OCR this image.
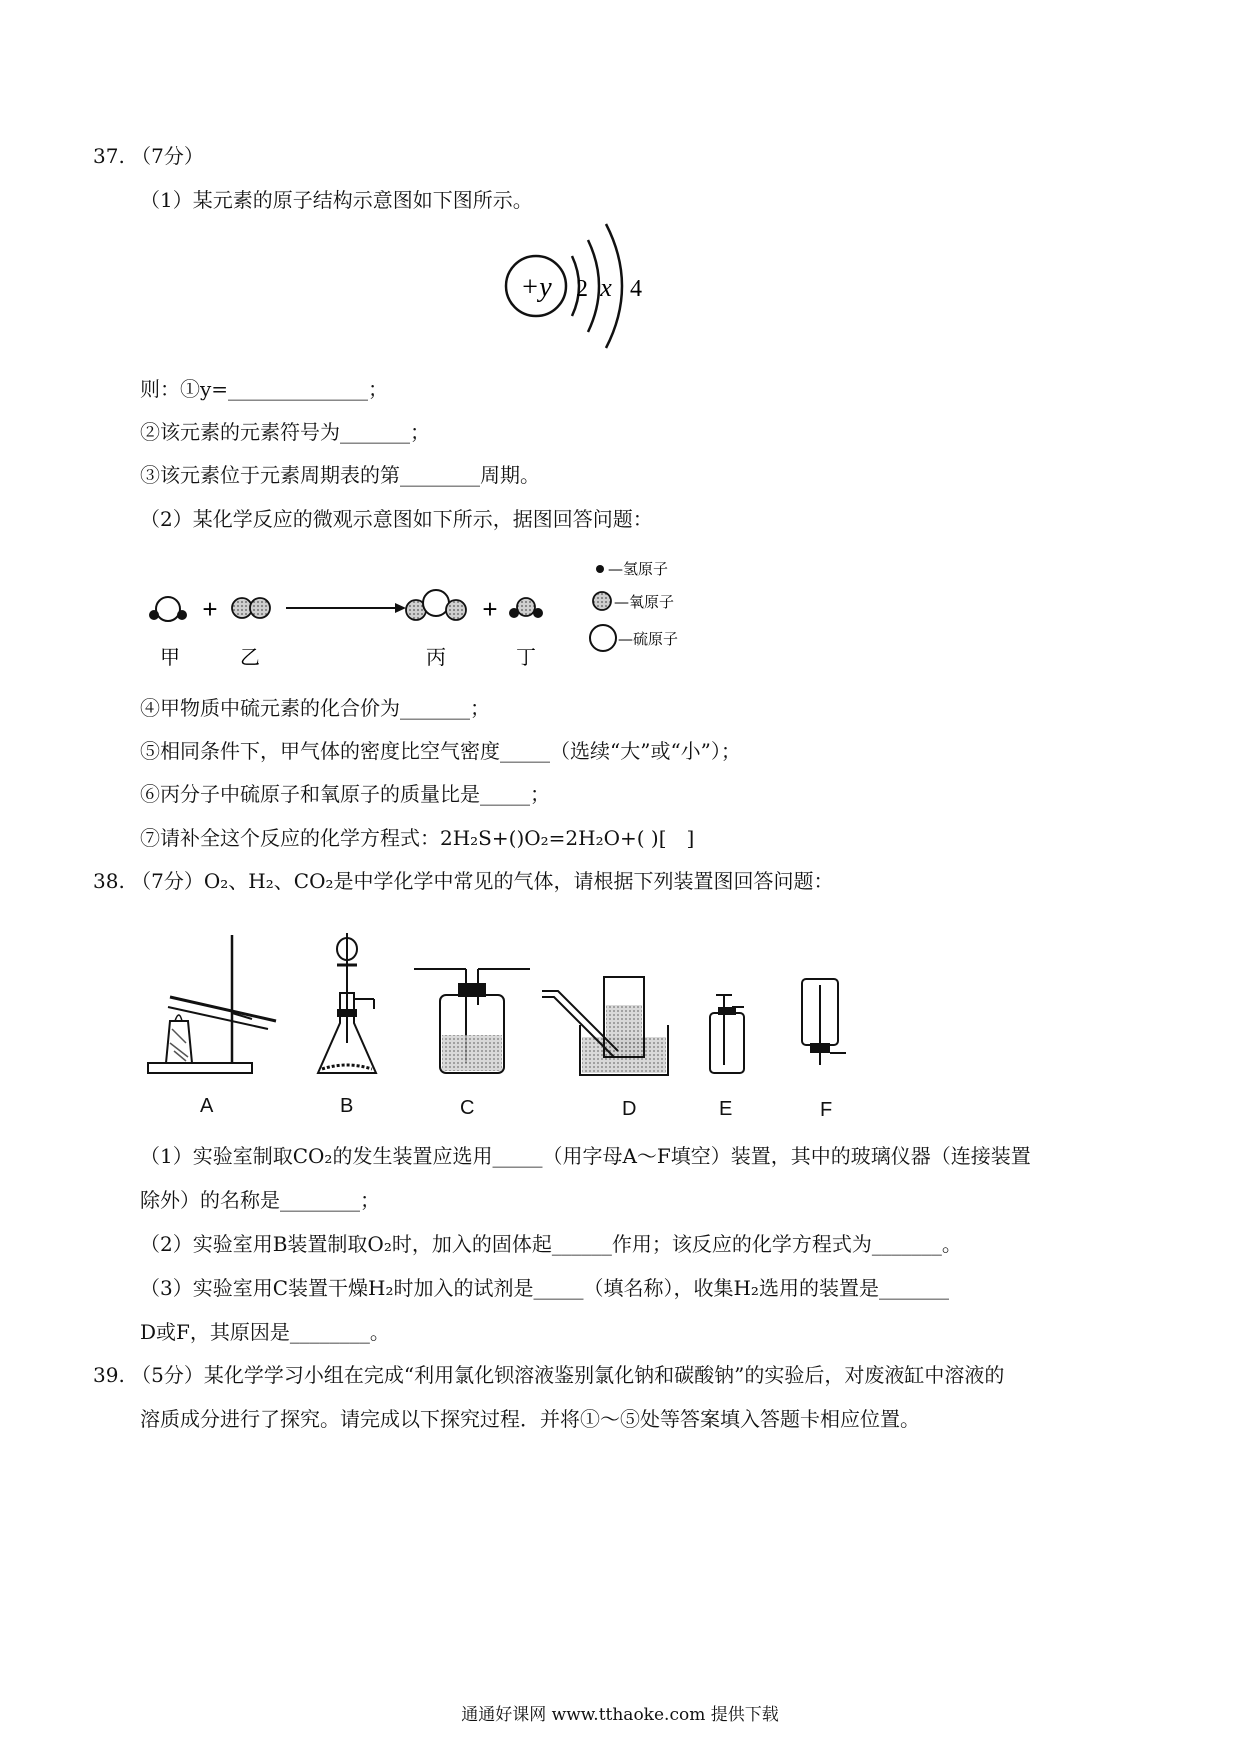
37. （7分）
（1）某元素的原子结构示意图如下图所示。
+y 2 x 4
则：①y=______________；
②该元素的元素符号为_______；
③该元素位于元素周期表的第________周期。
（2）某化学反应的微观示意图如下所示，据图回答问题：
+	+
甲	乙	丙	丁
—氢原子
—氧原子
—硫原子
④甲物质中硫元素的化合价为_______；
⑤相同条件下，甲气体的密度比空气密度_____（选续“大”或“小”）；
⑥丙分子中硫原子和氧原子的质量比是_____；
⑦请补全这个反应的化学方程式：2H₂S+()O₂=2H₂O+( )[　]
38. （7分）O₂、H₂、CO₂是中学化学中常见的气体，请根据下列装置图回答问题：
A	B	C	D	E	F
（1）实验室制取CO₂的发生装置应选用_____（用字母A～F填空）装置，其中的玻璃仪器（连接装置
除外）的名称是________；
（2）实验室用B装置制取O₂时，加入的固体起______作用；该反应的化学方程式为_______。
（3）实验室用C装置干燥H₂时加入的试剂是_____（填名称），收集H₂选用的装置是_______
D或F，其原因是________。
39. （5分）某化学学习小组在完成“利用氯化钡溶液鉴别氯化钠和碳酸钠”的实验后，对废液缸中溶液的
溶质成分进行了探究。请完成以下探究过程．并将①～⑤处等答案填入答题卡相应位置。
通通好课网 www.tthaoke.com 提供下载
